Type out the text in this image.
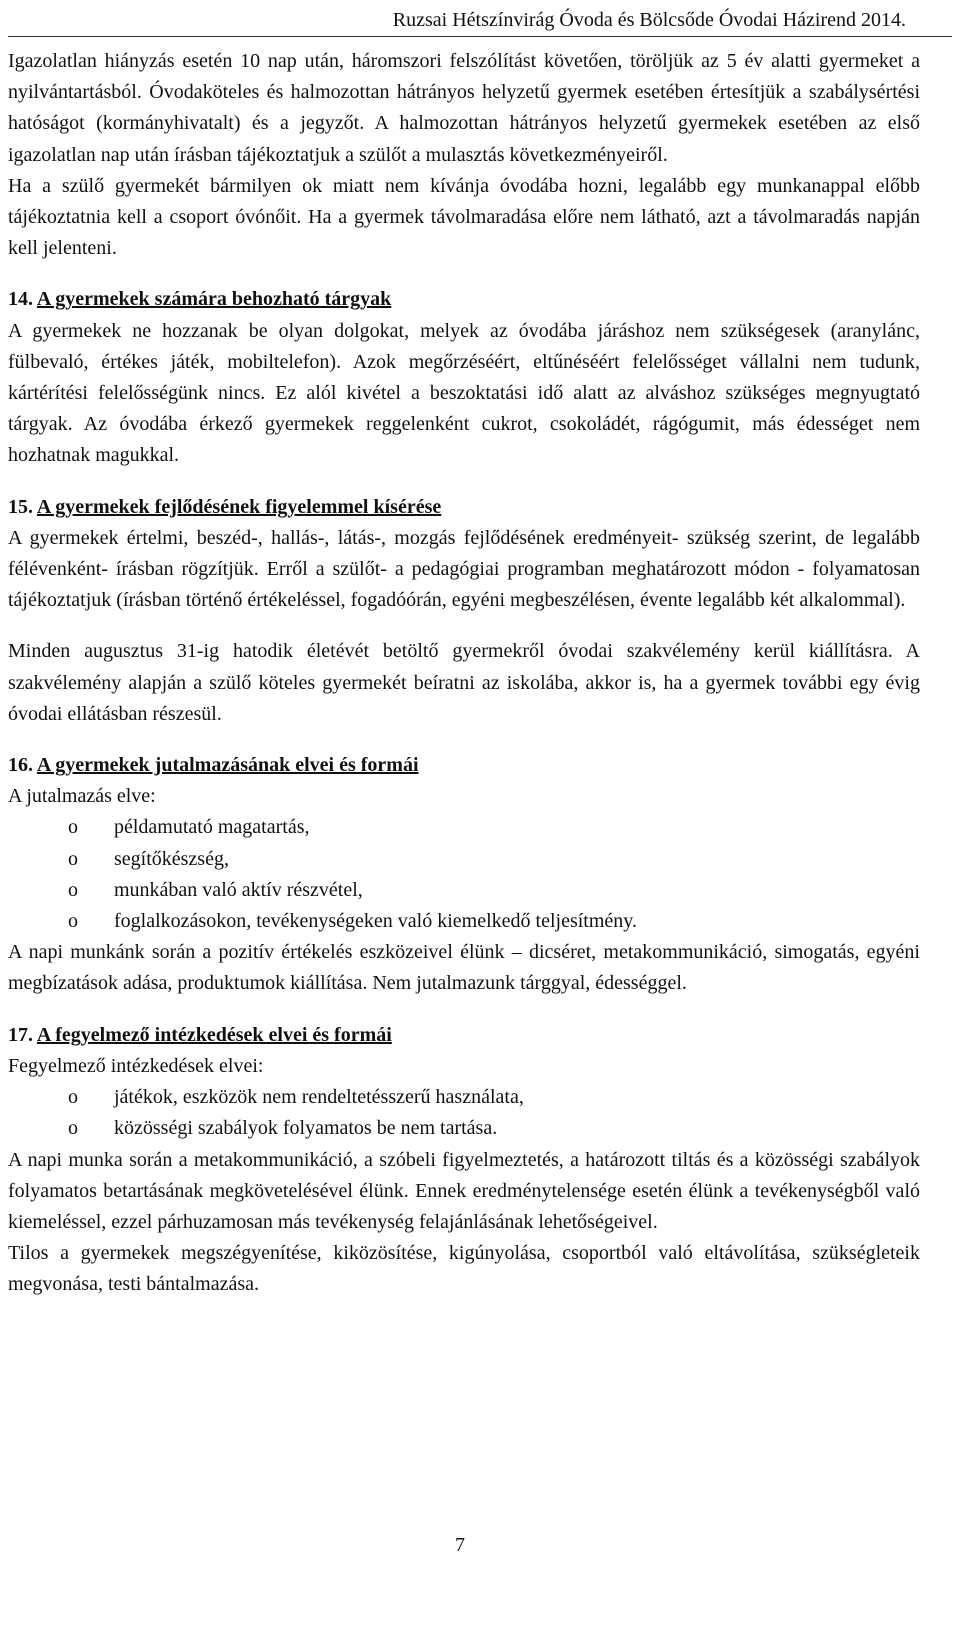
Ruzsai Hétszínvirág Óvoda és Bölcsőde Óvodai Házirend 2014.

Igazolatlan hiányzás esetén 10 nap után, háromszori felszólítást követően, töröljük az 5 év alatti gyermeket a nyilvántartásból. Óvodaköteles és halmozottan hátrányos helyzetű gyermek esetében értesítjük a szabálysértési hatóságot (kormányhivatalt) és a jegyzőt. A halmozottan hátrányos helyzetű gyermekek esetében az első igazolatlan nap után írásban tájékoztatjuk a szülőt a mulasztás következményeiről.

Ha a szülő gyermekét bármilyen ok miatt nem kívánja óvodába hozni, legalább egy munkanappal előbb tájékoztatnia kell a csoport óvónőit. Ha a gyermek távolmaradása előre nem látható, azt a távolmaradás napján kell jelenteni.

14. A gyermekek számára behozható tárgyak

A gyermekek ne hozzanak be olyan dolgokat, melyek az óvodába járáshoz nem szükségesek (aranylánc, fülbevaló, értékes játék, mobiltelefon). Azok megőrzéséért, eltűnéséért felelősséget vállalni nem tudunk, kártérítési felelősségünk nincs. Ez alól kivétel a beszoktatási idő alatt az alváshoz szükséges megnyugtató tárgyak. Az óvodába érkező gyermekek reggelenként cukrot, csokoládét, rágógumit, más édességet nem hozhatnak magukkal.

15. A gyermekek fejlődésének figyelemmel kísérése

A gyermekek értelmi, beszéd-, hallás-, látás-, mozgás fejlődésének eredményeit- szükség szerint, de legalább félévenként- írásban rögzítjük. Erről a szülőt- a pedagógiai programban meghatározott módon - folyamatosan tájékoztatjuk (írásban történő értékeléssel, fogadóórán, egyéni megbeszélésen, évente legalább két alkalommal).

Minden augusztus 31-ig hatodik életévét betöltő gyermekről óvodai szakvélemény kerül kiállításra. A szakvélemény alapján a szülő köteles gyermekét beíratni az iskolába, akkor is, ha a gyermek további egy évig óvodai ellátásban részesül.

16. A gyermekek jutalmazásának elvei és formái

A jutalmazás elve:

o példamutató magatartás,
o segítőkészség,
o munkában való aktív részvétel,
o foglalkozásokon, tevékenységeken való kiemelkedő teljesítmény.

A napi munkánk során a pozitív értékelés eszközeivel élünk – dicséret, metakommunikáció, simogatás, egyéni megbízatások adása, produktumok kiállítása. Nem jutalmazunk tárggyal, édességgel.

17. A fegyelmező intézkedések elvei és formái

Fegyelmező intézkedések elvei:

o játékok, eszközök nem rendeltetésszerű használata,
o közösségi szabályok folyamatos be nem tartása.

A napi munka során a metakommunikáció, a szóbeli figyelmeztetés, a határozott tiltás és a közösségi szabályok folyamatos betartásának megkövetelésével élünk. Ennek eredménytelensége esetén élünk a tevékenységből való kiemeléssel, ezzel párhuzamosan más tevékenység felajánlásának lehetőségeivel.

Tilos a gyermekek megszégyenítése, kiközösítése, kigúnyolása, csoportból való eltávolítása, szükségleteik megvonása, testi bántalmazása.

7
